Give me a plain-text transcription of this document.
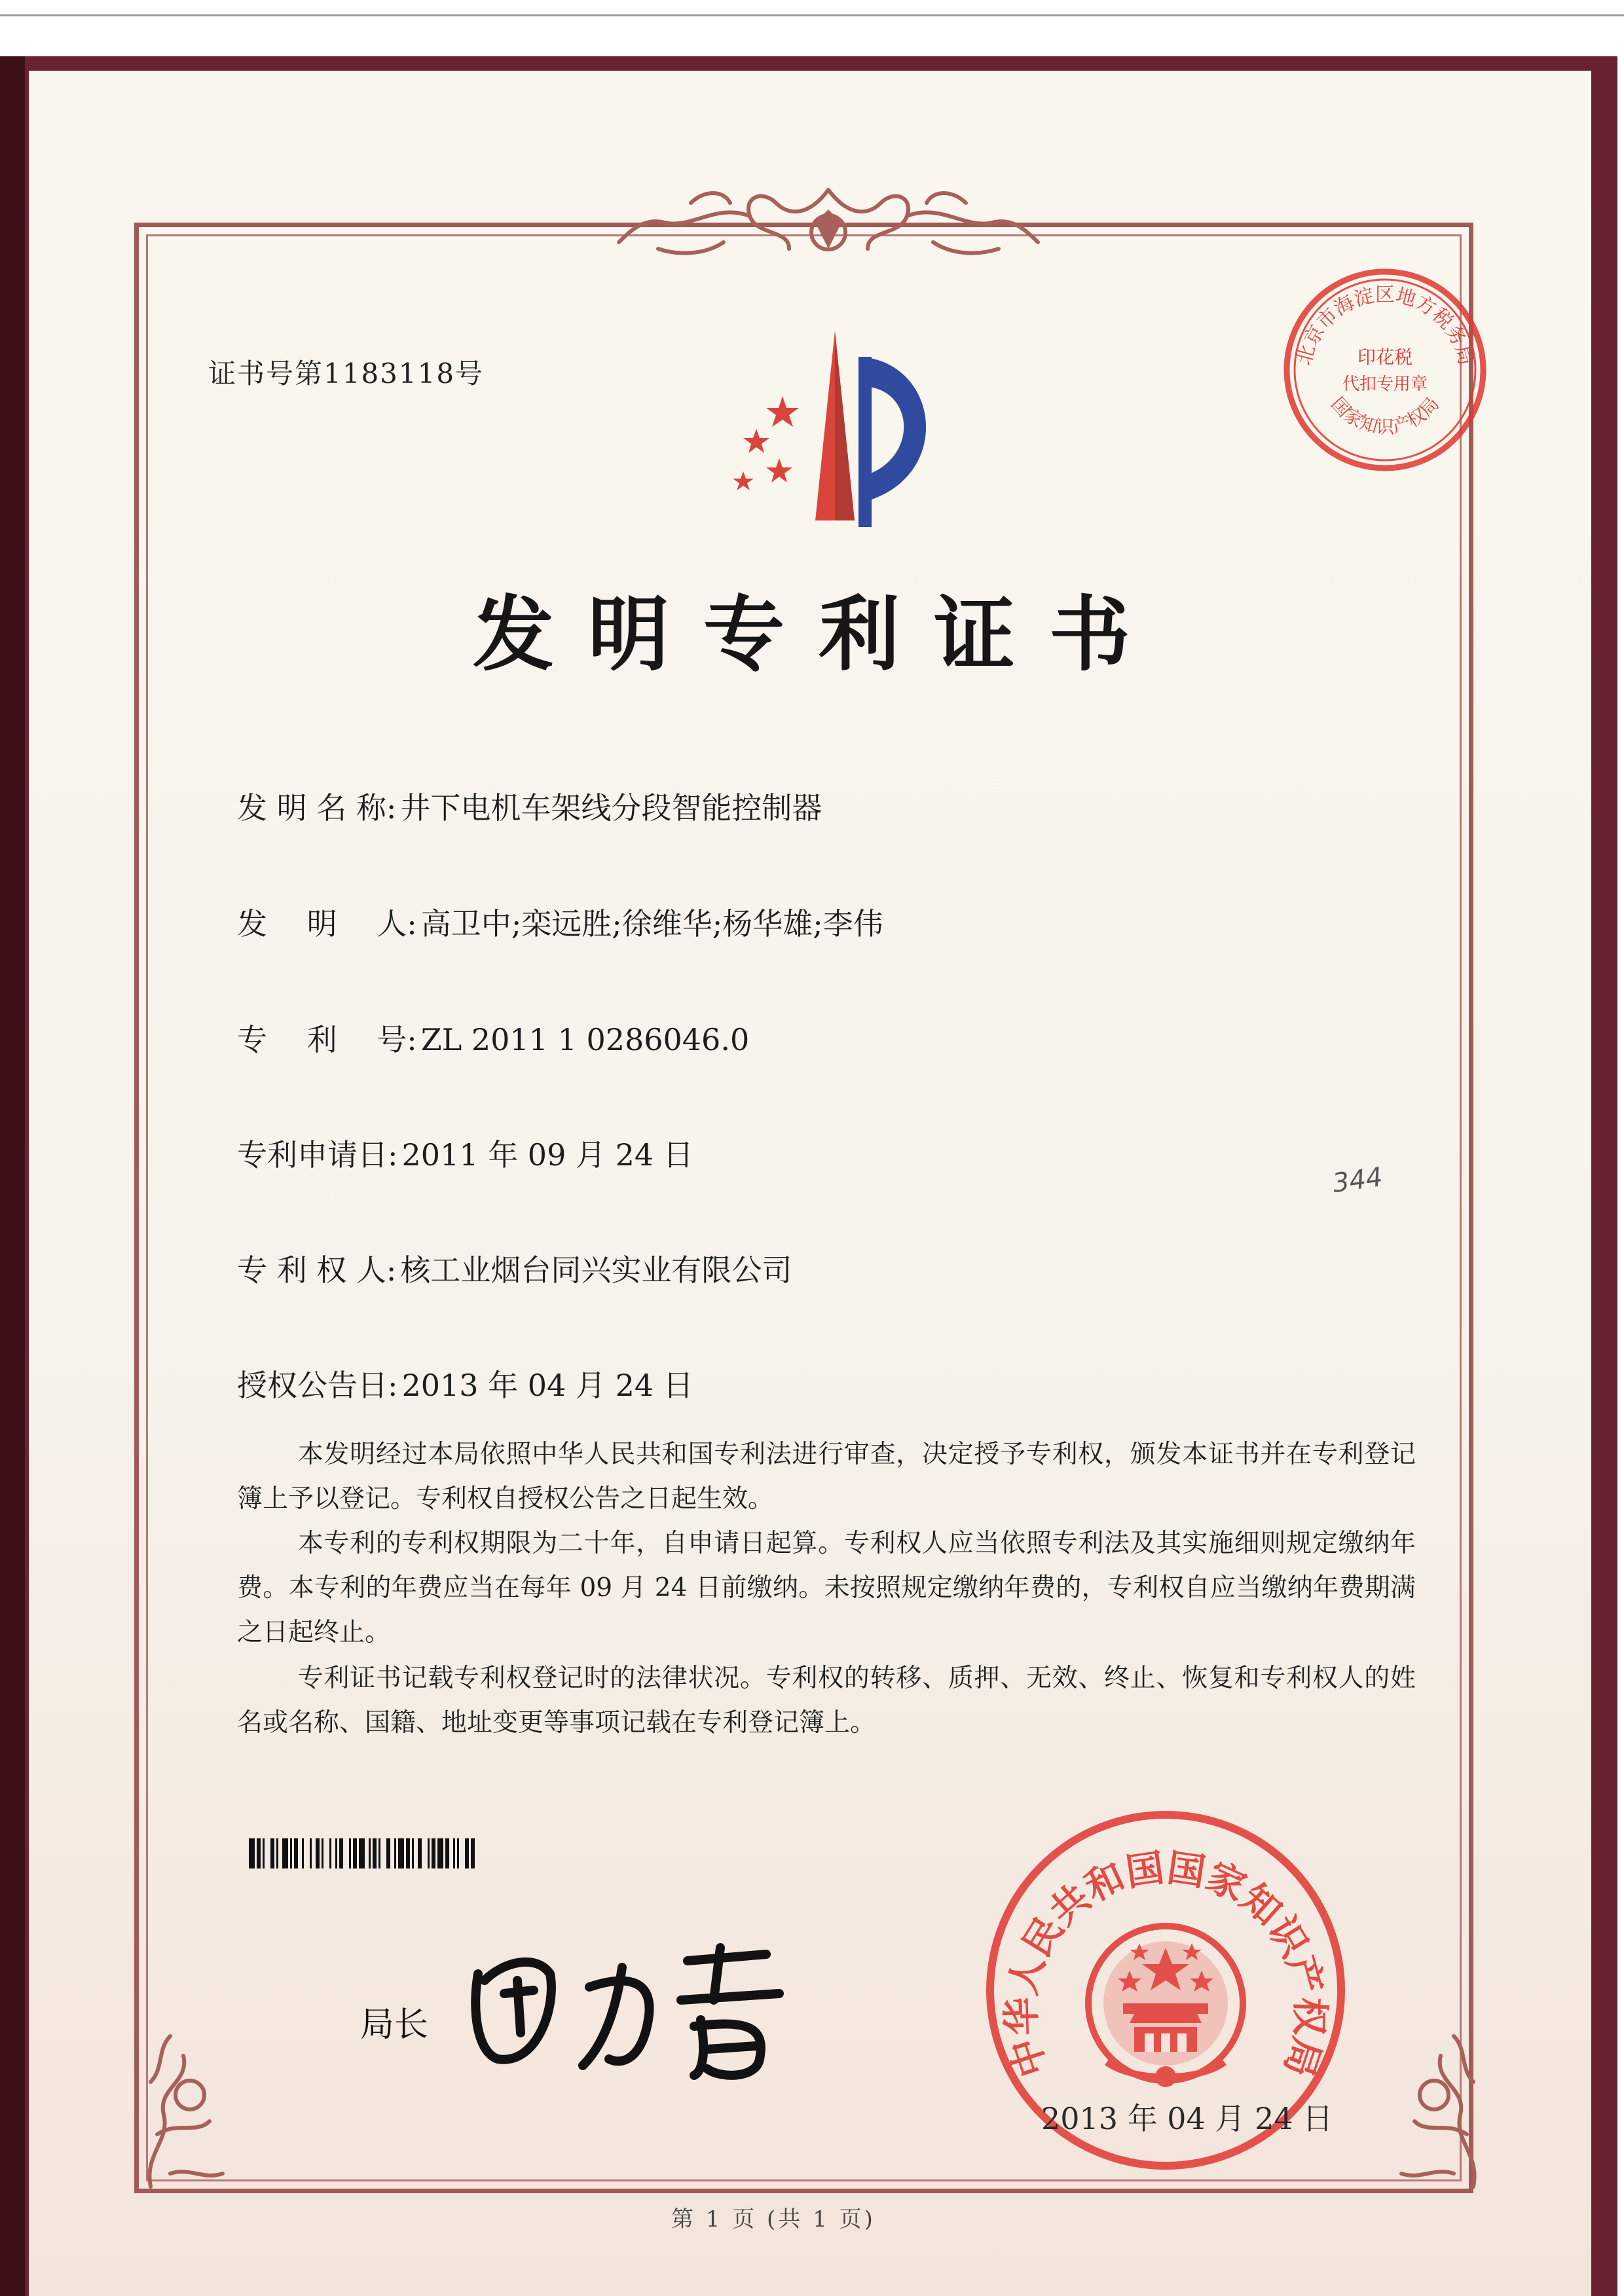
证书号第1183118号
发明专利证书
北京市海淀区地方税务局
国家知识产权局
印花税
代扣专用章
发 明 名 称: 井下电机车架线分段智能控制器
发　 明　 人: 高卫中;栾远胜;徐维华;杨华雄;李伟
专　 利　 号: ZL 2011 1 0286046.0
专利申请日: 2011 年 09 月 24 日
专 利 权 人: 核工业烟台同兴实业有限公司
授权公告日: 2013 年 04 月 24 日
本发明经过本局依照中华人民共和国专利法进行审查，决定授予专利权，颁发本证书并在专利登记簿上予以登记。专利权自授权公告之日起生效。
本专利的专利权期限为二十年，自申请日起算。专利权人应当依照专利法及其实施细则规定缴纳年费。本专利的年费应当在每年 09 月 24 日前缴纳。未按照规定缴纳年费的，专利权自应当缴纳年费期满之日起终止。
专利证书记载专利权登记时的法律状况。专利权的转移、质押、无效、终止、恢复和专利权人的姓名或名称、国籍、地址变更等事项记载在专利登记簿上。
局长
中华人民共和国国家知识产权局
2013 年 04 月 24 日
344
第 1 页 (共 1 页)
